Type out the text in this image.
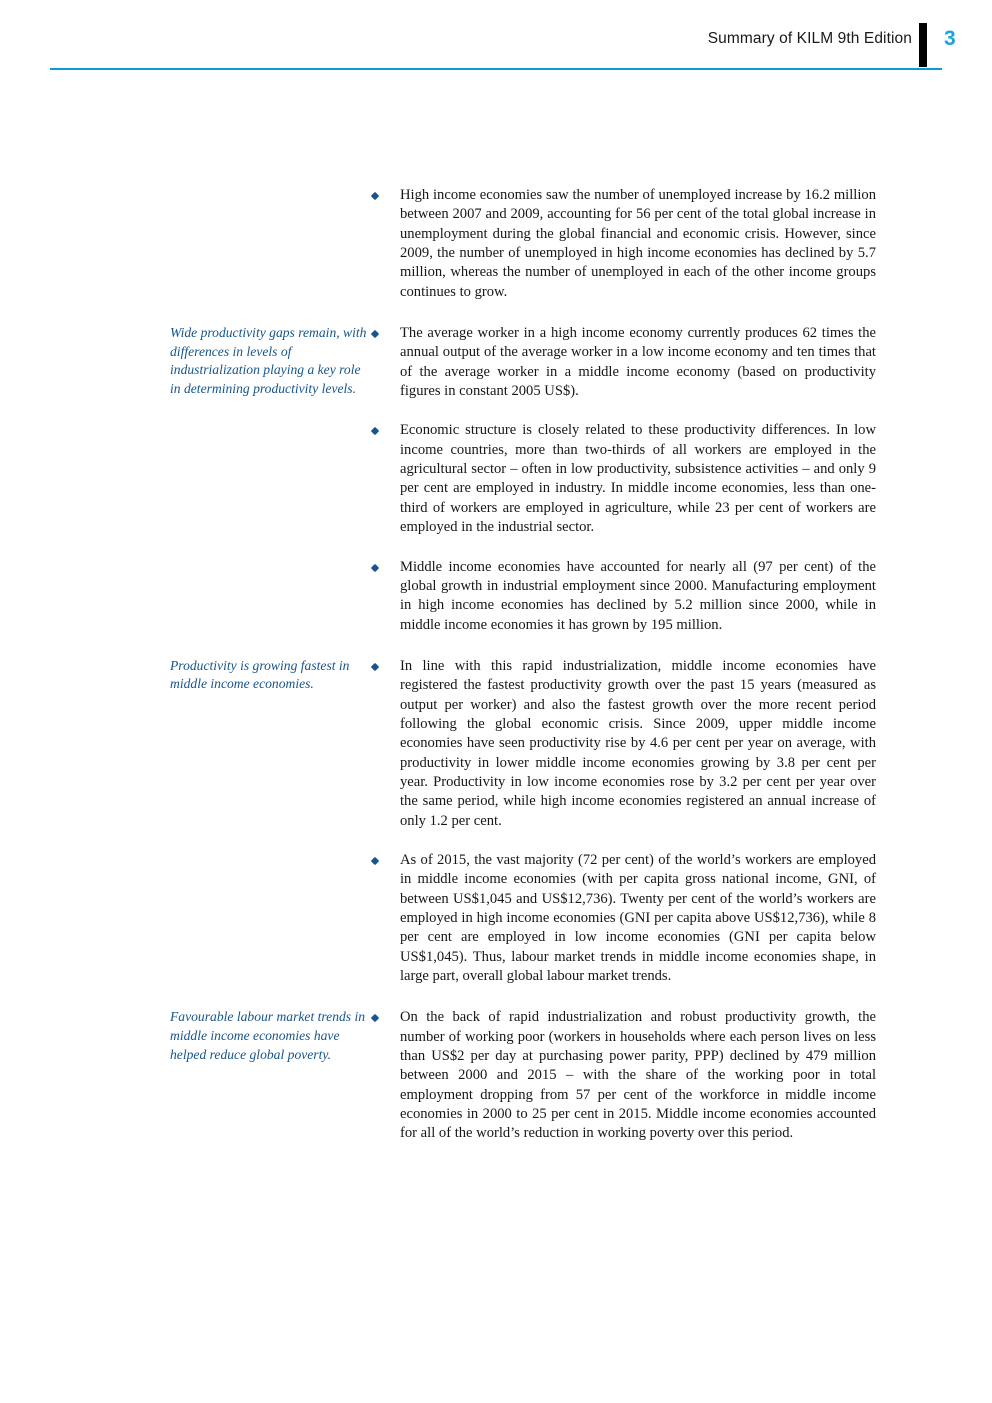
Summary of KILM 9th Edition 3
High income economies saw the number of unemployed increase by 16.2 million between 2007 and 2009, accounting for 56 per cent of the total global increase in unemployment during the global financial and economic crisis. However, since 2009, the number of unemployed in high income economies has declined by 5.7 million, whereas the number of unemployed in each of the other income groups continues to grow.
Wide productivity gaps remain, with differences in levels of industrialization playing a key role in determining productivity levels.
The average worker in a high income economy currently produces 62 times the annual output of the average worker in a low income economy and ten times that of the average worker in a middle income economy (based on productivity figures in constant 2005 US$).
Economic structure is closely related to these productivity differences. In low income countries, more than two-thirds of all workers are employed in the agricultural sector – often in low productivity, subsistence activities – and only 9 per cent are employed in industry. In middle income economies, less than one-third of workers are employed in agriculture, while 23 per cent of workers are employed in the industrial sector.
Middle income economies have accounted for nearly all (97 per cent) of the global growth in industrial employment since 2000. Manufacturing employment in high income economies has declined by 5.2 million since 2000, while in middle income economies it has grown by 195 million.
Productivity is growing fastest in middle income economies.
In line with this rapid industrialization, middle income economies have registered the fastest productivity growth over the past 15 years (measured as output per worker) and also the fastest growth over the more recent period following the global economic crisis. Since 2009, upper middle income economies have seen productivity rise by 4.6 per cent per year on average, with productivity in lower middle income economies growing by 3.8 per cent per year. Productivity in low income economies rose by 3.2 per cent per year over the same period, while high income economies registered an annual increase of only 1.2 per cent.
As of 2015, the vast majority (72 per cent) of the world’s workers are employed in middle income economies (with per capita gross national income, GNI, of between US$1,045 and US$12,736). Twenty per cent of the world’s workers are employed in high income economies (GNI per capita above US$12,736), while 8 per cent are employed in low income economies (GNI per capita below US$1,045). Thus, labour market trends in middle income economies shape, in large part, overall global labour market trends.
Favourable labour market trends in middle income economies have helped reduce global poverty.
On the back of rapid industrialization and robust productivity growth, the number of working poor (workers in households where each person lives on less than US$2 per day at purchasing power parity, PPP) declined by 479 million between 2000 and 2015 – with the share of the working poor in total employment dropping from 57 per cent of the workforce in middle income economies in 2000 to 25 per cent in 2015. Middle income economies accounted for all of the world’s reduction in working poverty over this period.
